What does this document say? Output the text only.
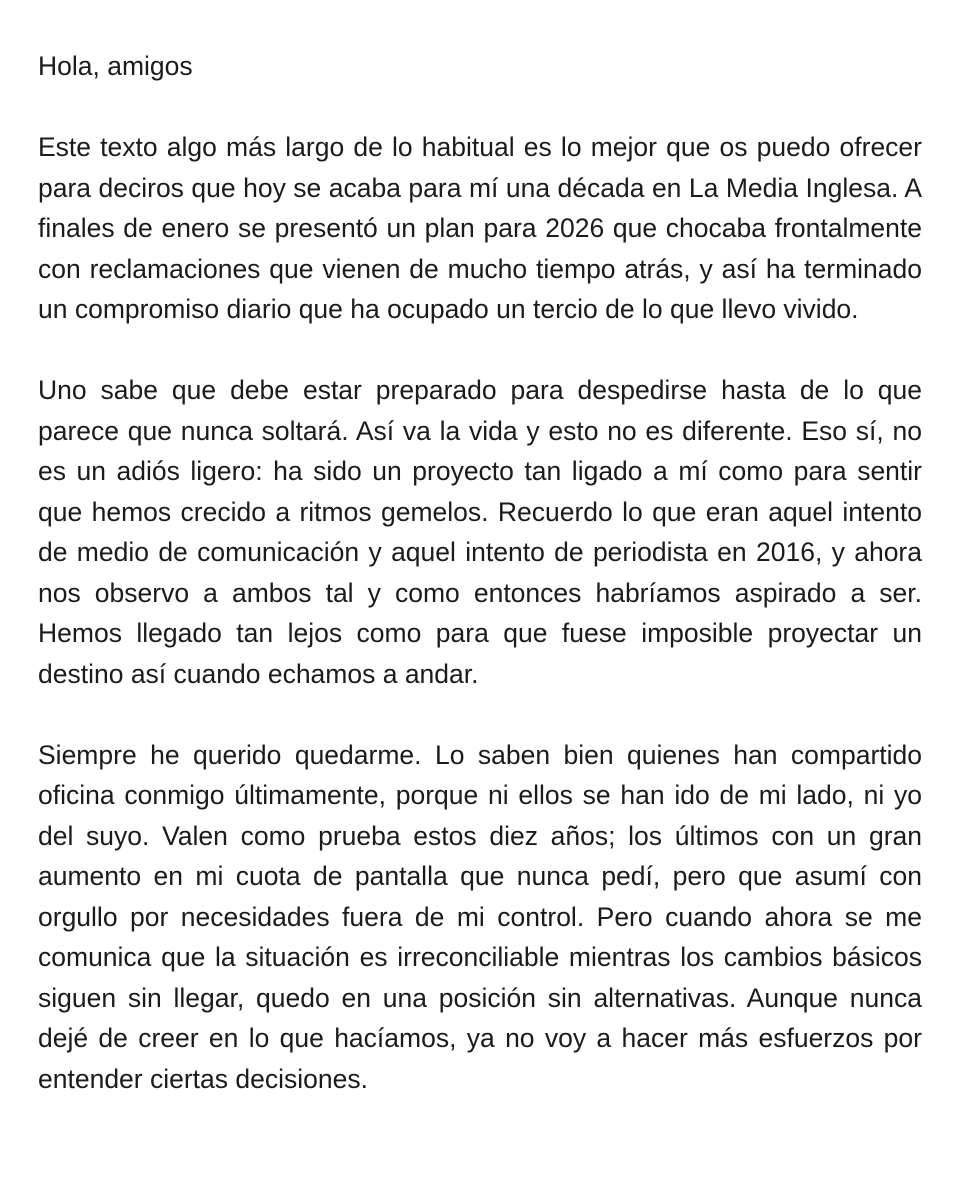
Hola, amigos

Este texto algo más largo de lo habitual es lo mejor que os puedo ofrecer para deciros que hoy se acaba para mí una década en La Media Inglesa. A finales de enero se presentó un plan para 2026 que chocaba frontalmente con reclamaciones que vienen de mucho tiempo atrás, y así ha terminado un compromiso diario que ha ocupado un tercio de lo que llevo vivido.

Uno sabe que debe estar preparado para despedirse hasta de lo que parece que nunca soltará. Así va la vida y esto no es diferente. Eso sí, no es un adiós ligero: ha sido un proyecto tan ligado a mí como para sentir que hemos crecido a ritmos gemelos. Recuerdo lo que eran aquel intento de medio de comunicación y aquel intento de periodista en 2016, y ahora nos observo a ambos tal y como entonces habríamos aspirado a ser. Hemos llegado tan lejos como para que fuese imposible proyectar un destino así cuando echamos a andar.

Siempre he querido quedarme. Lo saben bien quienes han compartido oficina conmigo últimamente, porque ni ellos se han ido de mi lado, ni yo del suyo. Valen como prueba estos diez años; los últimos con un gran aumento en mi cuota de pantalla que nunca pedí, pero que asumí con orgullo por necesidades fuera de mi control. Pero cuando ahora se me comunica que la situación es irreconciliable mientras los cambios básicos siguen sin llegar, quedo en una posición sin alternativas. Aunque nunca dejé de creer en lo que hacíamos, ya no voy a hacer más esfuerzos por entender ciertas decisiones.
